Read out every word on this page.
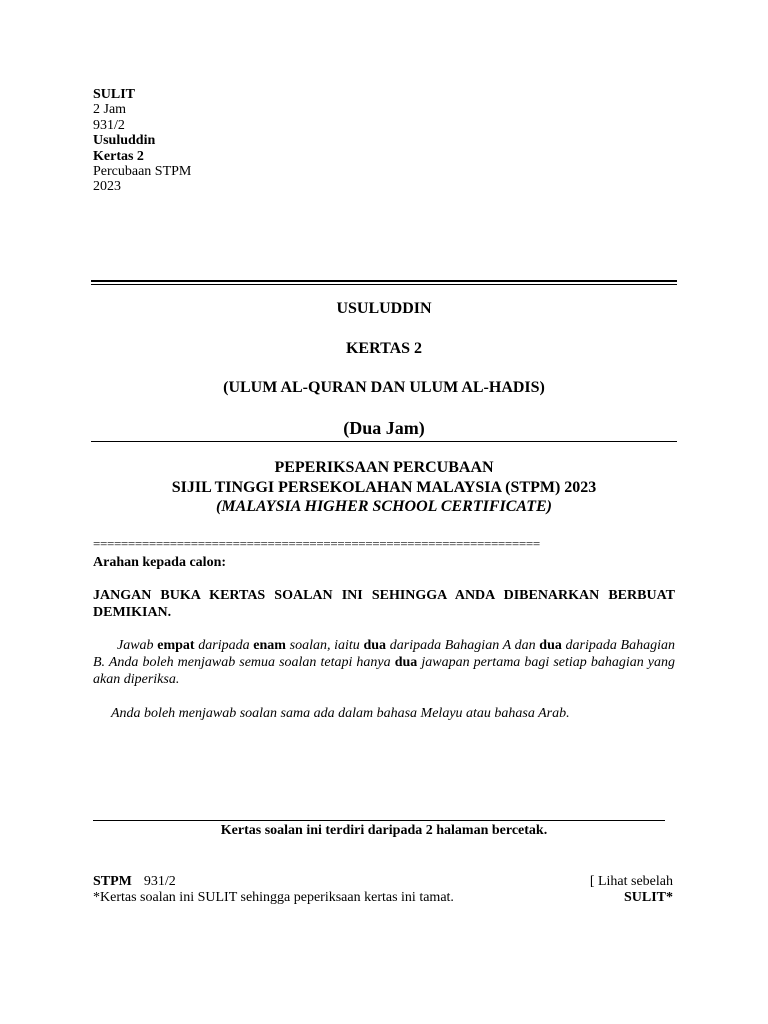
SULIT
2 Jam
931/2
Usuluddin
Kertas 2
Percubaan STPM
2023
USULUDDIN
KERTAS 2
(ULUM AL-QURAN DAN ULUM AL-HADIS)
(Dua Jam)
PEPERIKSAAN PERCUBAAN
SIJIL TINGGI PERSEKOLAHAN MALAYSIA (STPM) 2023
(MALAYSIA HIGHER SCHOOL CERTIFICATE)
================================================================
Arahan kepada calon:
JANGAN BUKA KERTAS SOALAN INI SEHINGGA ANDA DIBENARKAN BERBUAT DEMIKIAN.
Jawab empat daripada enam soalan, iaitu dua daripada Bahagian A dan dua daripada Bahagian B. Anda boleh menjawab semua soalan tetapi hanya dua jawapan pertama bagi setiap bahagian yang akan diperiksa.
Anda boleh menjawab soalan sama ada dalam bahasa Melayu atau bahasa Arab.
Kertas soalan ini terdiri daripada 2 halaman bercetak.
STPM 931/2
*Kertas soalan ini SULIT sehingga peperiksaan kertas ini tamat.
[ Lihat sebelah
SULIT*
